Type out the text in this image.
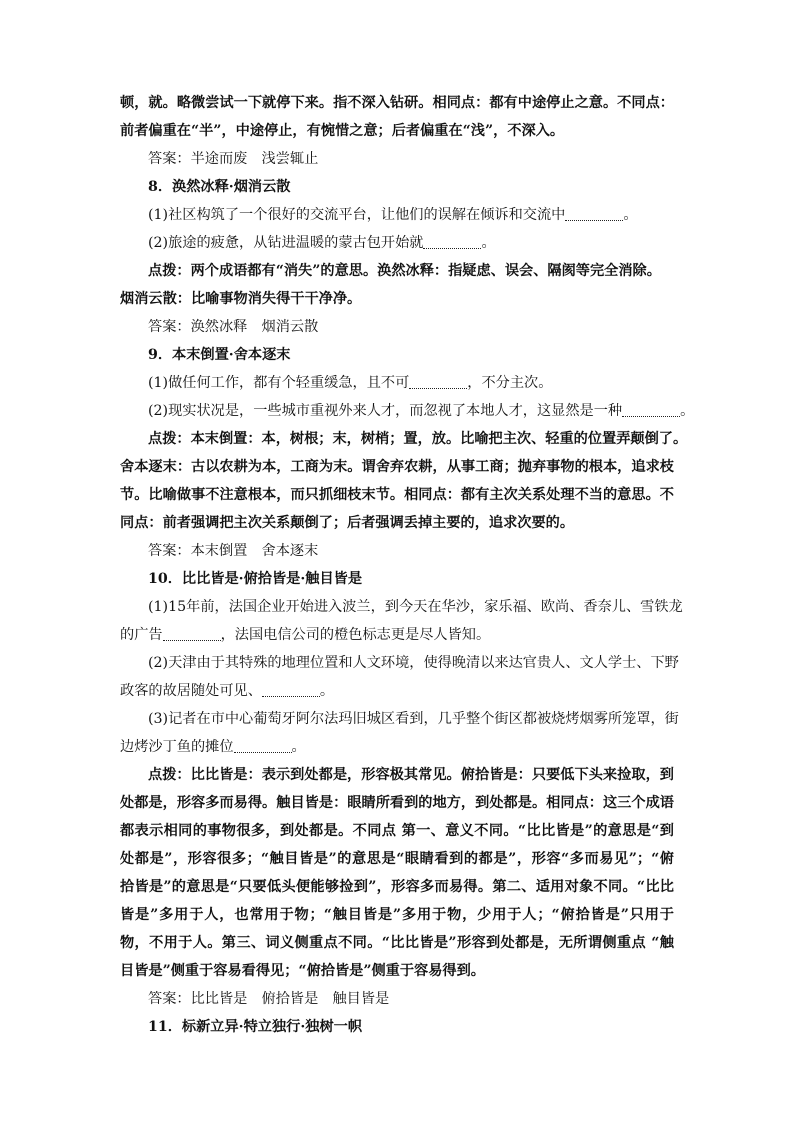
顿，就。略微尝试一下就停下来。指不深入钻研。相同点：都有中途停止之意。不同点：
前者偏重在“半”，中途停止，有惋惜之意；后者偏重在“浅”，不深入。
答案：半途而废　浅尝辄止
8．涣然冰释·烟消云散
(1)社区构筑了一个很好的交流平台，让他们的误解在倾诉和交流中	。
(2)旅途的疲惫，从钻进温暖的蒙古包开始就	。
点拨：两个成语都有“消失”的意思。涣然冰释：指疑虑、误会、隔阂等完全消除。
烟消云散：比喻事物消失得干干净净。
答案：涣然冰释　烟消云散
9．本末倒置·舍本逐末
(1)做任何工作，都有个轻重缓急，且不可	，不分主次。
(2)现实状况是，一些城市重视外来人才，而忽视了本地人才，这显然是一种	。
点拨：本末倒置：本，树根；末，树梢；置，放。比喻把主次、轻重的位置弄颠倒了。
舍本逐末：古以农耕为本，工商为末。谓舍弃农耕，从事工商；抛弃事物的根本，追求枝
节。比喻做事不注意根本，而只抓细枝末节。相同点：都有主次关系处理不当的意思。不
同点：前者强调把主次关系颠倒了；后者强调丢掉主要的，追求次要的。
答案：本末倒置　舍本逐末
10．比比皆是·俯拾皆是·触目皆是
(1)15年前，法国企业开始进入波兰，到今天在华沙，家乐福、欧尚、香奈儿、雪铁龙
的广告	，法国电信公司的橙色标志更是尽人皆知。
(2)天津由于其特殊的地理位置和人文环境，使得晚清以来达官贵人、文人学士、下野
政客的故居随处可见、	。
(3)记者在市中心葡萄牙阿尔法玛旧城区看到，几乎整个街区都被烧烤烟雾所笼罩，街
边烤沙丁鱼的摊位	。
点拨：比比皆是：表示到处都是，形容极其常见。俯拾皆是：只要低下头来捡取，到
处都是，形容多而易得。触目皆是：眼睛所看到的地方，到处都是。相同点：这三个成语
都表示相同的事物很多，到处都是。不同点 第一、意义不同。“比比皆是”的意思是“到
处都是”，形容很多；“触目皆是”的意思是“眼睛看到的都是”，形容“多而易见”；“俯
拾皆是”的意思是“只要低头便能够捡到”，形容多而易得。第二、适用对象不同。“比比
皆是”多用于人，也常用于物；“触目皆是”多用于物，少用于人；“俯拾皆是”只用于
物，不用于人。第三、词义侧重点不同。“比比皆是”形容到处都是，无所谓侧重点 “触
目皆是”侧重于容易看得见；“俯拾皆是”侧重于容易得到。
答案：比比皆是　俯拾皆是　触目皆是
11．标新立异·特立独行·独树一帜
